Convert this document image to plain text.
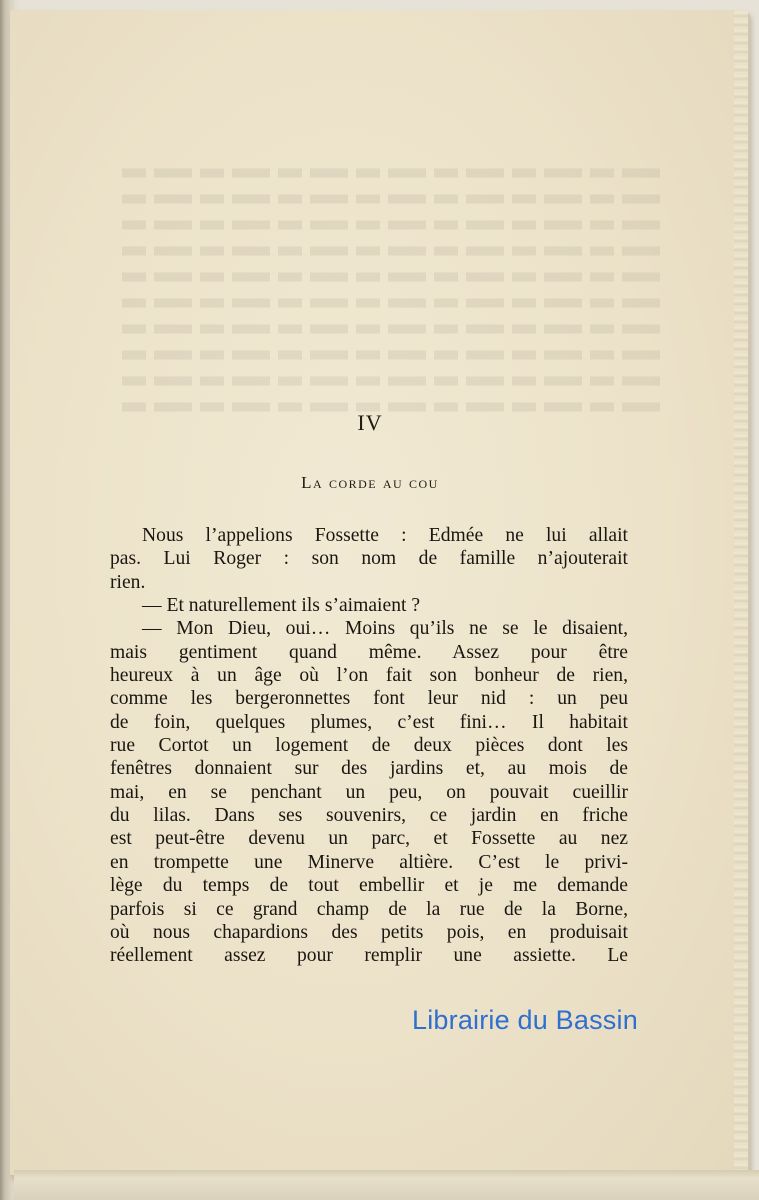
IV
La corde au cou
Nous l’appelions Fossette : Edmée ne lui allait
pas. Lui Roger : son nom de famille n’ajouterait
rien.
— Et naturellement ils s’aimaient ?
— Mon Dieu, oui… Moins qu’ils ne se le disaient,
mais gentiment quand même. Assez pour être
heureux à un âge où l’on fait son bonheur de rien,
comme les bergeronnettes font leur nid : un peu
de foin, quelques plumes, c’est fini… Il habitait
rue Cortot un logement de deux pièces dont les
fenêtres donnaient sur des jardins et, au mois de
mai, en se penchant un peu, on pouvait cueillir
du lilas. Dans ses souvenirs, ce jardin en friche
est peut-être devenu un parc, et Fossette au nez
en trompette une Minerve altière. C’est le privi-
lège du temps de tout embellir et je me demande
parfois si ce grand champ de la rue de la Borne,
où nous chapardions des petits pois, en produisait
réellement assez pour remplir une assiette. Le
Librairie du Bassin
